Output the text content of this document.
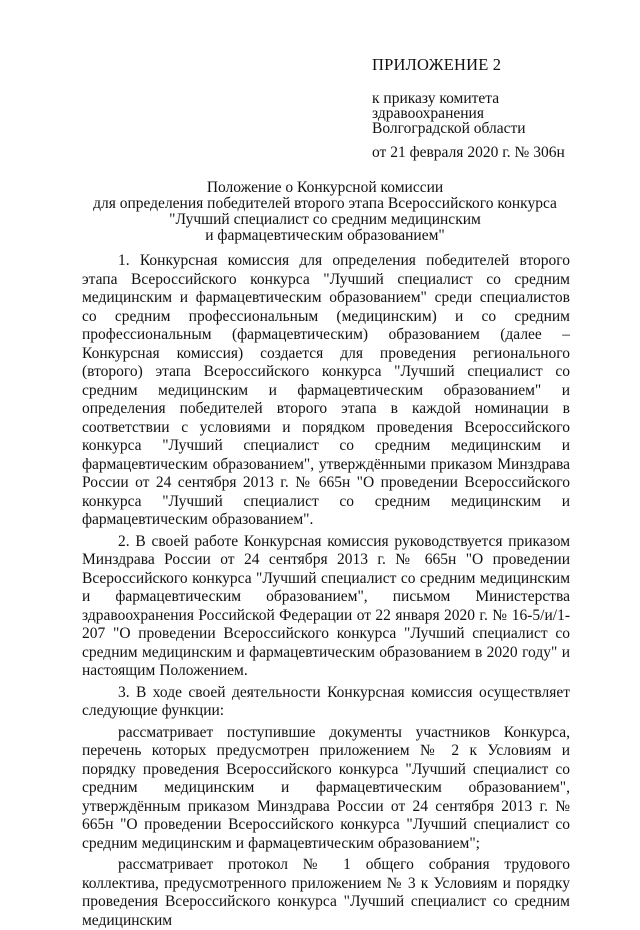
ПРИЛОЖЕНИЕ 2
к приказу комитета
здравоохранения
Волгоградской области
от 21 февраля 2020 г. № 306н
Положение о Конкурсной комиссии
для определения победителей второго этапа Всероссийского конкурса
"Лучший специалист со средним медицинским
и фармацевтическим образованием"

1. Конкурсная комиссия для определения победителей второго этапа Всероссийского конкурса "Лучший специалист со средним медицинским и фармацевтическим образованием" среди специалистов со средним профессиональным (медицинским) и со средним профессиональным (фармацевтическим) образованием (далее – Конкурсная комиссия) создается для проведения регионального (второго) этапа Всероссийского конкурса "Лучший специалист со средним медицинским и фармацевтическим образованием" и определения победителей второго этапа в каждой номинации в соответствии с условиями и порядком проведения Всероссийского конкурса "Лучший специалист со средним медицинским и фармацевтическим образованием", утверждёнными приказом Минздрава России от 24 сентября 2013 г. № 665н "О проведении Всероссийского конкурса "Лучший специалист со средним медицинским и фармацевтическим образованием".

2. В своей работе Конкурсная комиссия руководствуется приказом Минздрава России от 24 сентября 2013 г. № 665н "О проведении Всероссийского конкурса "Лучший специалист со средним медицинским и фармацевтическим образованием", письмом Министерства здравоохранения Российской Федерации от 22 января 2020 г. № 16-5/и/1-207 "О проведении Всероссийского конкурса "Лучший специалист со средним медицинским и фармацевтическим образованием в 2020 году" и настоящим Положением.

3. В ходе своей деятельности Конкурсная комиссия осуществляет следующие функции:

рассматривает поступившие документы участников Конкурса, перечень которых предусмотрен приложением № 2 к Условиям и порядку проведения Всероссийского конкурса "Лучший специалист со средним медицинским и фармацевтическим образованием", утверждённым приказом Минздрава России от 24 сентября 2013 г. № 665н "О проведении Всероссийского конкурса "Лучший специалист со средним медицинским и фармацевтическим образованием";

рассматривает протокол № 1 общего собрания трудового коллектива, предусмотренного приложением № 3 к Условиям и порядку проведения Всероссийского конкурса "Лучший специалист со средним медицинским
